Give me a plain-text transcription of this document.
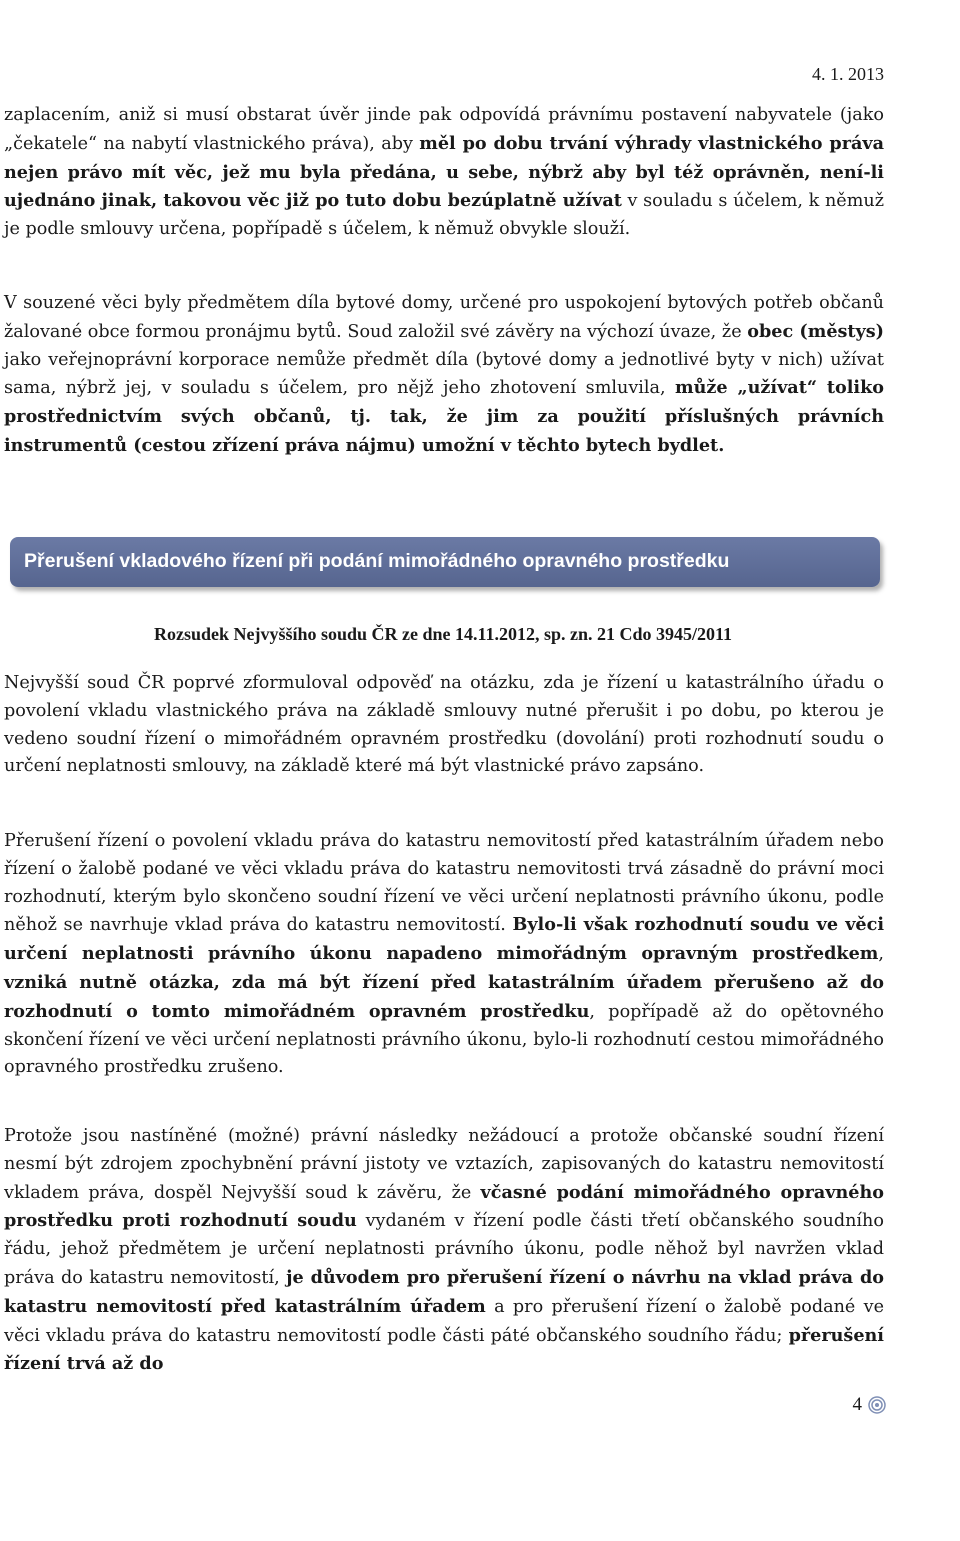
4. 1. 2013

zaplacením, aniž si musí obstarat úvěr jinde pak odpovídá právnímu postavení nabyvatele (jako „čekatele“ na nabytí vlastnického práva), aby měl po dobu trvání výhrady vlastnického práva nejen právo mít věc, jež mu byla předána, u sebe, nýbrž aby byl též oprávněn, není-li ujednáno jinak, takovou věc již po tuto dobu bezúplatně užívat v souladu s účelem, k němuž je podle smlouvy určena, popřípadě s účelem, k němuž obvykle slouží.

V souzené věci byly předmětem díla bytové domy, určené pro uspokojení bytových potřeb občanů žalované obce formou pronájmu bytů. Soud založil své závěry na výchozí úvaze, že obec (městys) jako veřejnoprávní korporace nemůže předmět díla (bytové domy a jednotlivé byty v nich) užívat sama, nýbrž jej, v souladu s účelem, pro nějž jeho zhotovení smluvila, může „užívat“ toliko prostřednictvím svých občanů, tj. tak, že jim za použití příslušných právních instrumentů (cestou zřízení práva nájmu) umožní v těchto bytech bydlet.

Přerušení vkladového řízení při podání mimořádného opravného prostředku
Rozsudek Nejvyššího soudu ČR ze dne 14.11.2012, sp. zn. 21 Cdo 3945/2011

Nejvyšší soud ČR poprvé zformuloval odpověď na otázku, zda je řízení u katastrálního úřadu o povolení vkladu vlastnického práva na základě smlouvy nutné přerušit i po dobu, po kterou je vedeno soudní řízení o mimořádném opravném prostředku (dovolání) proti rozhodnutí soudu o určení neplatnosti smlouvy, na základě které má být vlastnické právo zapsáno.

Přerušení řízení o povolení vkladu práva do katastru nemovitostí před katastrálním úřadem nebo řízení o žalobě podané ve věci vkladu práva do katastru nemovitosti trvá zásadně do právní moci rozhodnutí, kterým bylo skončeno soudní řízení ve věci určení neplatnosti právního úkonu, podle něhož se navrhuje vklad práva do katastru nemovitostí. Bylo-li však rozhodnutí soudu ve věci určení neplatnosti právního úkonu napadeno mimořádným opravným prostředkem, vzniká nutně otázka, zda má být řízení před katastrálním úřadem přerušeno až do rozhodnutí o tomto mimořádném opravném prostředku, popřípadě až do opětovného skončení řízení ve věci určení neplatnosti právního úkonu, bylo-li rozhodnutí cestou mimořádného opravného prostředku zrušeno.

Protože jsou nastíněné (možné) právní následky nežádoucí a protože občanské soudní řízení nesmí být zdrojem zpochybnění právní jistoty ve vztazích, zapisovaných do katastru nemovitostí vkladem práva, dospěl Nejvyšší soud k závěru, že včasné podání mimořádného opravného prostředku proti rozhodnutí soudu vydaném v řízení podle části třetí občanského soudního řádu, jehož předmětem je určení neplatnosti právního úkonu, podle něhož byl navržen vklad práva do katastru nemovitostí, je důvodem pro přerušení řízení o návrhu na vklad práva do katastru nemovitostí před katastrálním úřadem a pro přerušení řízení o žalobě podané ve věci vkladu práva do katastru nemovitostí podle části páté občanského soudního řádu; přerušení řízení trvá až do

4
